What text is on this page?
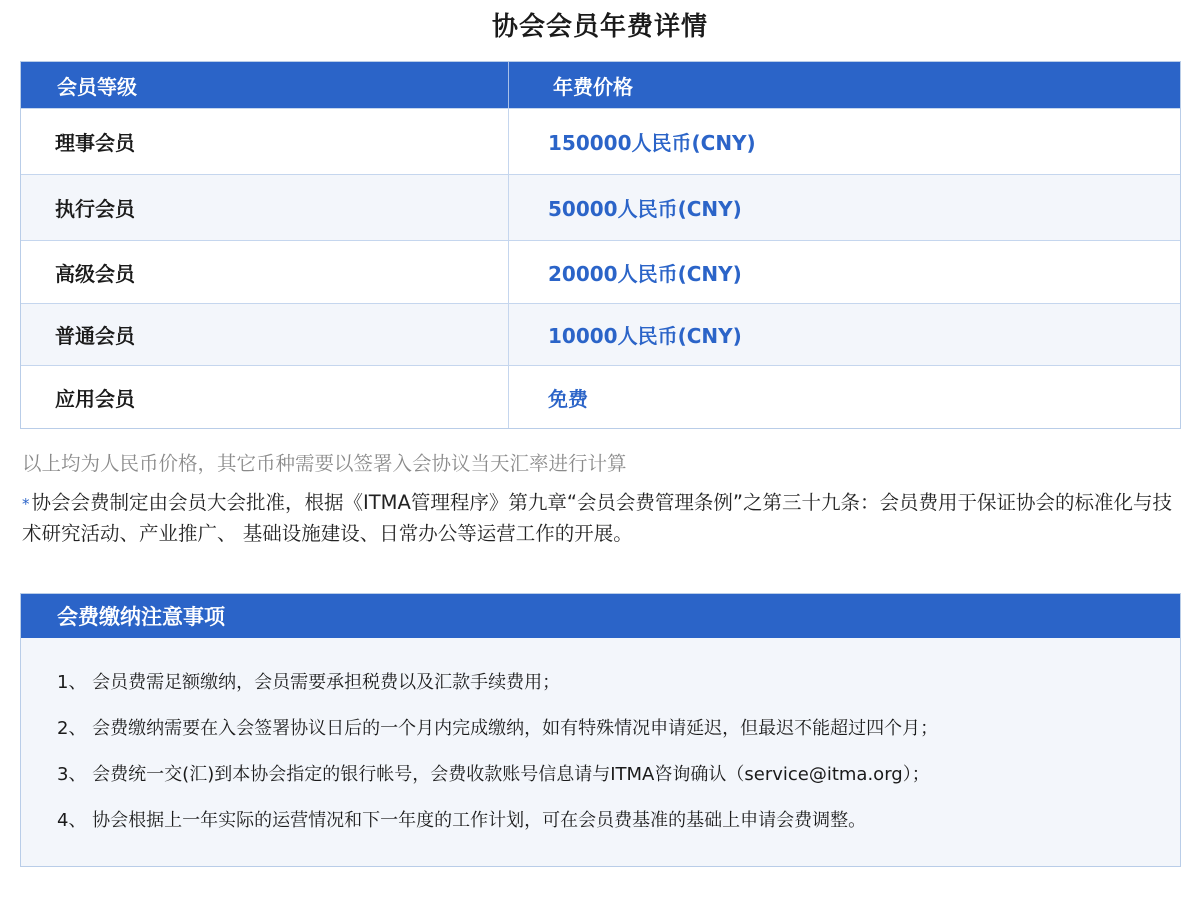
协会会员年费详情
会员等级	年费价格
理事会员	150000人民币(CNY)
执行会员	50000人民币(CNY)
高级会员	20000人民币(CNY)
普通会员	10000人民币(CNY)
应用会员	免费
以上均为人民币价格，其它币种需要以签署入会协议当天汇率进行计算
* 协会会费制定由会员大会批准，根据《ITMA管理程序》第九章“会员会费管理条例”之第三十九条：会员费用于保证协会的标准化与技术研究活动、产业推广、 基础设施建设、日常办公等运营工作的开展。
会费缴纳注意事项
1、 会员费需足额缴纳，会员需要承担税费以及汇款手续费用；
2、 会费缴纳需要在入会签署协议日后的一个月内完成缴纳，如有特殊情况申请延迟，但最迟不能超过四个月；
3、 会费统一交(汇)到本协会指定的银行帐号，会费收款账号信息请与ITMA咨询确认（service@itma.org）；
4、 协会根据上一年实际的运营情况和下一年度的工作计划，可在会员费基准的基础上申请会费调整。
